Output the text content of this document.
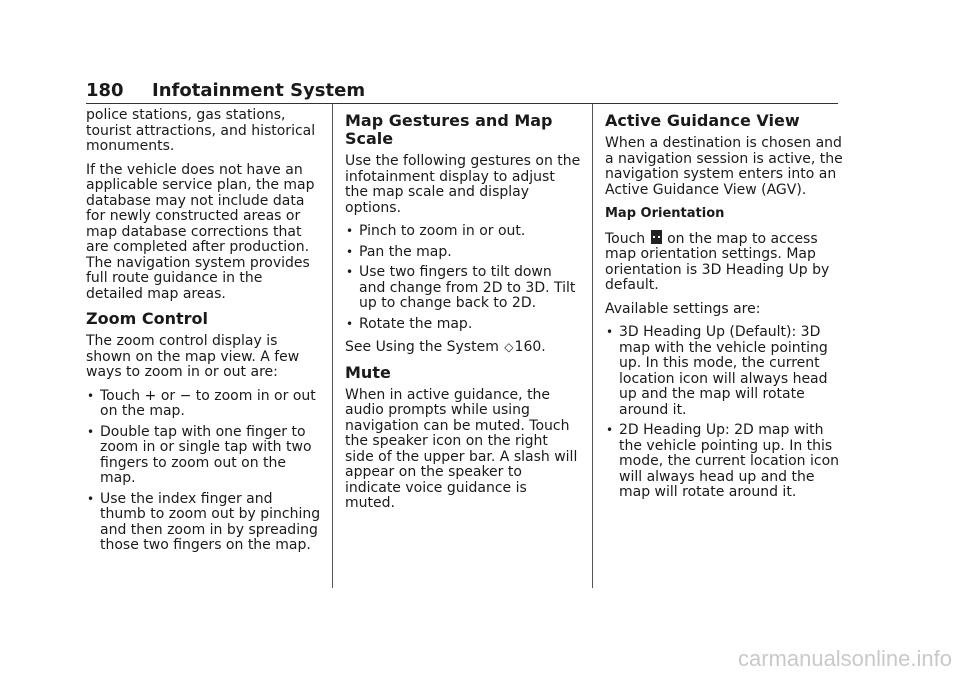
180 Infotainment System

police stations, gas stations, tourist attractions, and historical monuments.

If the vehicle does not have an applicable service plan, the map database may not include data for newly constructed areas or map database corrections that are completed after production. The navigation system provides full route guidance in the detailed map areas.

Zoom Control

The zoom control display is shown on the map view. A few ways to zoom in or out are:

• Touch + or − to zoom in or out on the map.
• Double tap with one finger to zoom in or single tap with two fingers to zoom out on the map.
• Use the index finger and thumb to zoom out by pinching and then zoom in by spreading those two fingers on the map.
Map Gestures and Map Scale

Use the following gestures on the infotainment display to adjust the map scale and display options.

• Pinch to zoom in or out.
• Pan the map.
• Use two fingers to tilt down and change from 2D to 3D. Tilt up to change back to 2D.
• Rotate the map.

See Using the System ◇160.

Mute

When in active guidance, the audio prompts while using navigation can be muted. Touch the speaker icon on the right side of the upper bar. A slash will appear on the speaker to indicate voice guidance is muted.

Active Guidance View

When a destination is chosen and a navigation session is active, the navigation system enters into an Active Guidance View (AGV).

Map Orientation

Touch on the map to access map orientation settings. Map orientation is 3D Heading Up by default.

Available settings are:

• 3D Heading Up (Default): 3D map with the vehicle pointing up. In this mode, the current location icon will always head up and the map will rotate around it.
• 2D Heading Up: 2D map with the vehicle pointing up. In this mode, the current location icon will always head up and the map will rotate around it.
carmanualsonline.info
